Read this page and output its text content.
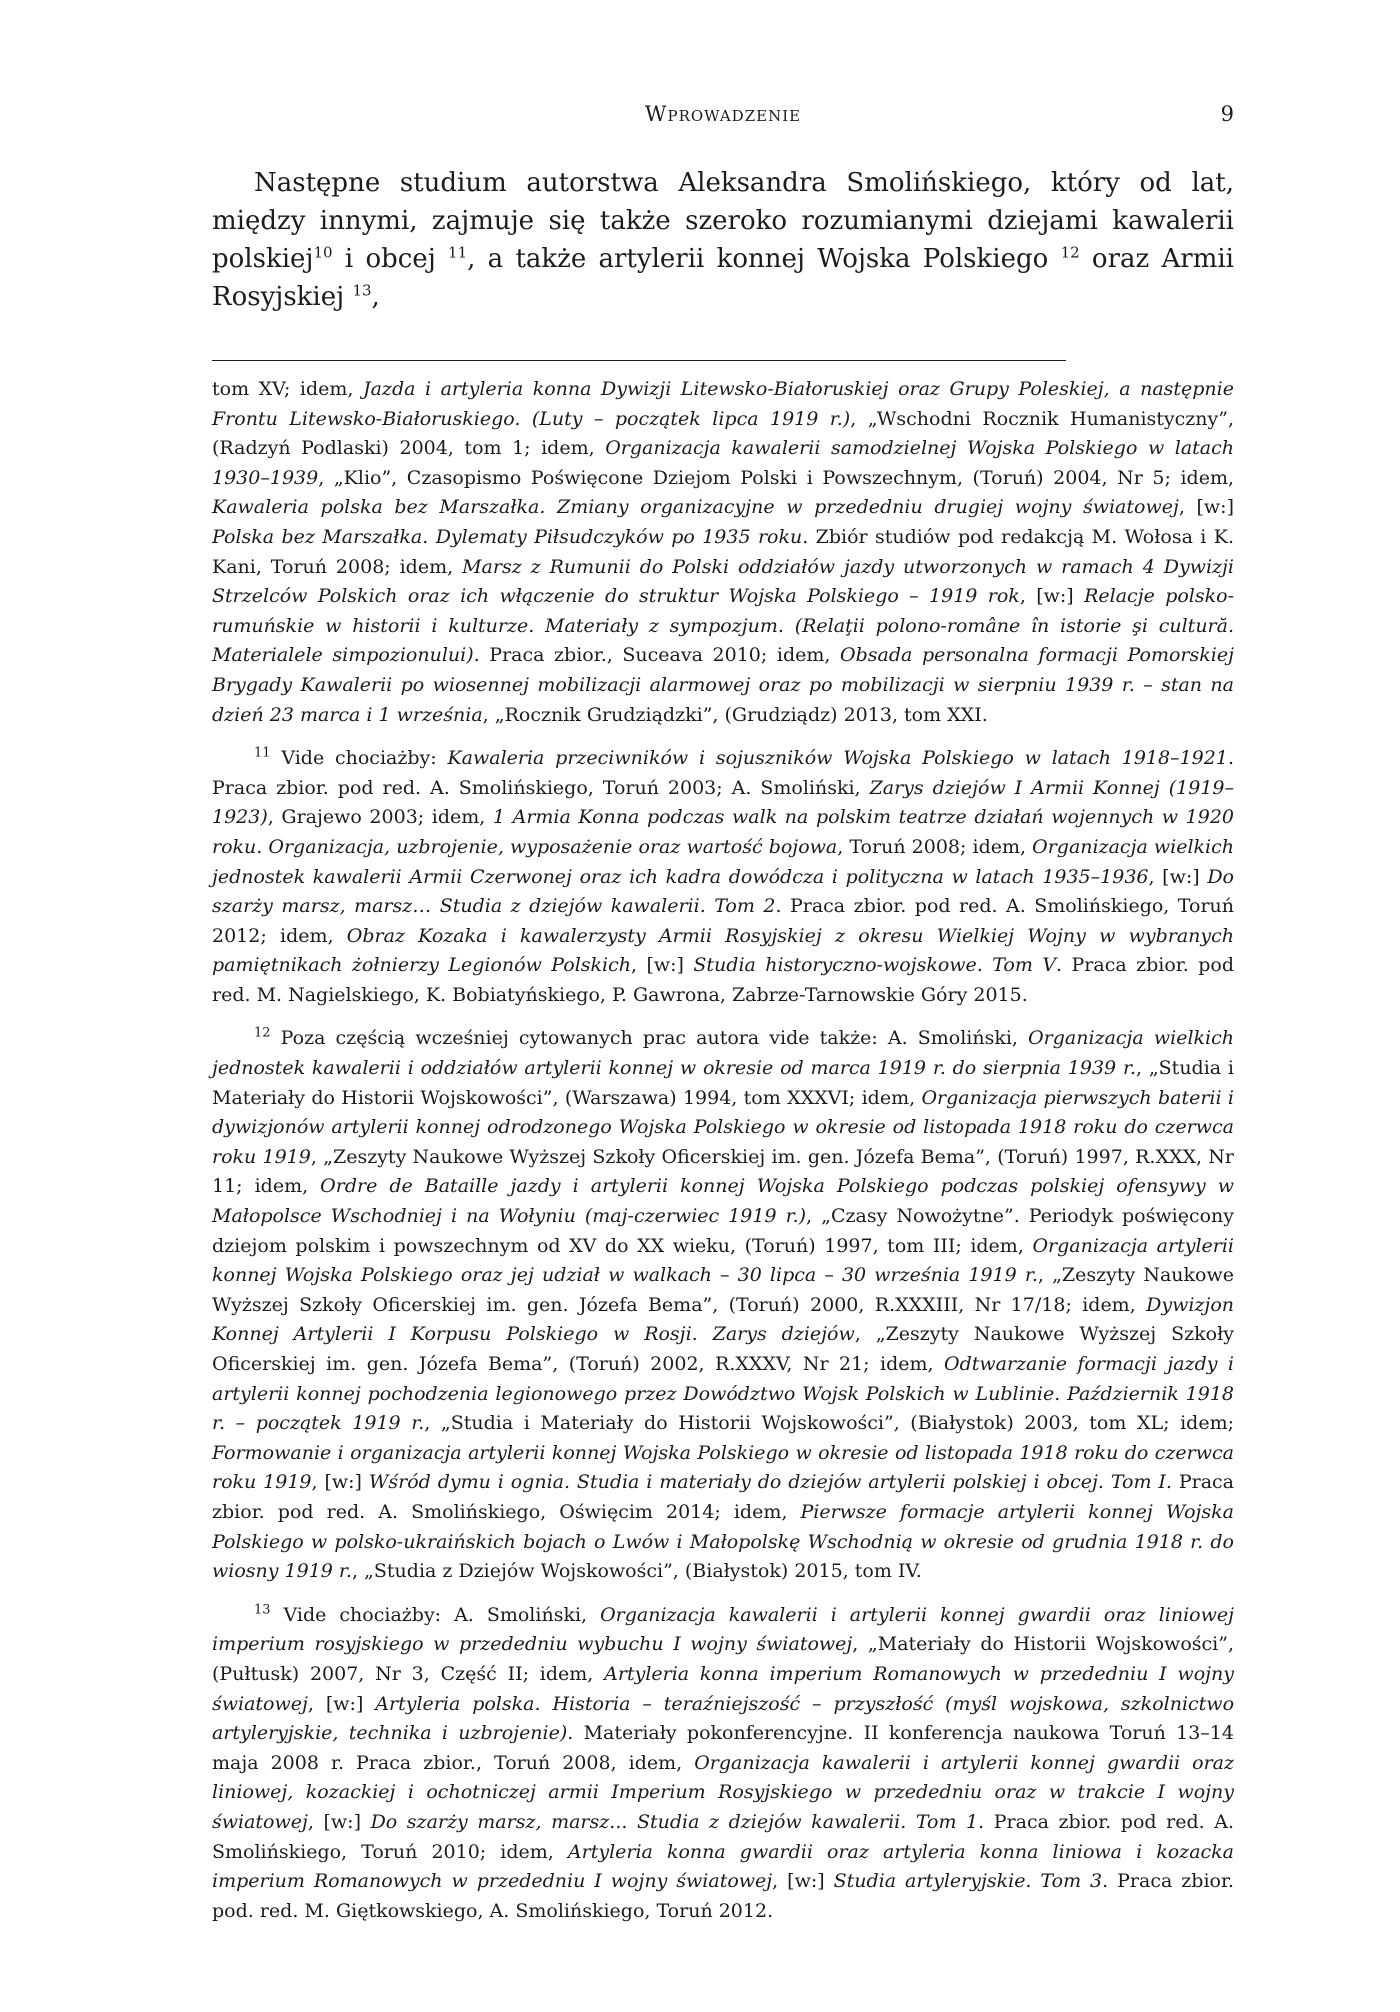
Wprowadzenie	9

Następne studium autorstwa Aleksandra Smolińskiego, który od lat, między innymi, zajmuje się także szeroko rozumianymi dziejami kawalerii polskiej$^{10}$ i obcej $^{11}$, a także artylerii konnej Wojska Polskiego $^{12}$ oraz Armii Rosyjskiej $^{13}$,

tom XV; idem, Jazda i artyleria konna Dywizji Litewsko-Białoruskiej oraz Grupy Poleskiej, a następnie Frontu Litewsko-Białoruskiego. (Luty – początek lipca 1919 r.), „Wschodni Rocznik Humanistyczny”, (Radzyń Podlaski) 2004, tom 1; idem, Organizacja kawalerii samodzielnej Wojska Polskiego w latach 1930–1939, „Klio”, Czasopismo Poświęcone Dziejom Polski i Powszechnym, (Toruń) 2004, Nr 5; idem, Kawaleria polska bez Marszałka. Zmiany organizacyjne w przededniu drugiej wojny światowej, [w:] Polska bez Marszałka. Dylematy Piłsudczyków po 1935 roku. Zbiór studiów pod redakcją M. Wołosa i K. Kani, Toruń 2008; idem, Marsz z Rumunii do Polski oddziałów jazdy utworzonych w ramach 4 Dywizji Strzelców Polskich oraz ich włączenie do struktur Wojska Polskiego – 1919 rok, [w:] Relacje polsko-rumuńskie w historii i kulturze. Materiały z sympozjum. (Relaţii polono-române în istorie şi cultură. Materialele simpozionului). Praca zbior., Suceava 2010; idem, Obsada personalna formacji Pomorskiej Brygady Kawalerii po wiosennej mobilizacji alarmowej oraz po mobilizacji w sierpniu 1939 r. – stan na dzień 23 marca i 1 września, „Rocznik Grudziądzki”, (Grudziądz) 2013, tom XXI.

$^{11}$ Vide chociażby: Kawaleria przeciwników i sojuszników Wojska Polskiego w latach 1918–1921. Praca zbior. pod red. A. Smolińskiego, Toruń 2003; A. Smoliński, Zarys dziejów I Armii Konnej (1919–1923), Grajewo 2003; idem, 1 Armia Konna podczas walk na polskim teatrze działań wojennych w 1920 roku. Organizacja, uzbrojenie, wyposażenie oraz wartość bojowa, Toruń 2008; idem, Organizacja wielkich jednostek kawalerii Armii Czerwonej oraz ich kadra dowódcza i polityczna w latach 1935–1936, [w:] Do szarży marsz, marsz… Studia z dziejów kawalerii. Tom 2. Praca zbior. pod red. A. Smolińskiego, Toruń 2012; idem, Obraz Kozaka i kawalerzysty Armii Rosyjskiej z okresu Wielkiej Wojny w wybranych pamiętnikach żołnierzy Legionów Polskich, [w:] Studia historyczno-wojskowe. Tom V. Praca zbior. pod red. M. Nagielskiego, K. Bobiatyńskiego, P. Gawrona, Zabrze-Tarnowskie Góry 2015.

$^{12}$ Poza częścią wcześniej cytowanych prac autora vide także: A. Smoliński, Organizacja wielkich jednostek kawalerii i oddziałów artylerii konnej w okresie od marca 1919 r. do sierpnia 1939 r., „Studia i Materiały do Historii Wojskowości”, (Warszawa) 1994, tom XXXVI; idem, Organizacja pierwszych baterii i dywizjonów artylerii konnej odrodzonego Wojska Polskiego w okresie od listopada 1918 roku do czerwca roku 1919, „Zeszyty Naukowe Wyższej Szkoły Oficerskiej im. gen. Józefa Bema”, (Toruń) 1997, R.XXX, Nr 11; idem, Ordre de Bataille jazdy i artylerii konnej Wojska Polskiego podczas polskiej ofensywy w Małopolsce Wschodniej i na Wołyniu (maj-czerwiec 1919 r.), „Czasy Nowożytne”. Periodyk poświęcony dziejom polskim i powszechnym od XV do XX wieku, (Toruń) 1997, tom III; idem, Organizacja artylerii konnej Wojska Polskiego oraz jej udział w walkach – 30 lipca – 30 września 1919 r., „Zeszyty Naukowe Wyższej Szkoły Oficerskiej im. gen. Józefa Bema”, (Toruń) 2000, R.XXXIII, Nr 17/18; idem, Dywizjon Konnej Artylerii I Korpusu Polskiego w Rosji. Zarys dziejów, „Zeszyty Naukowe Wyższej Szkoły Oficerskiej im. gen. Józefa Bema”, (Toruń) 2002, R.XXXV, Nr 21; idem, Odtwarzanie formacji jazdy i artylerii konnej pochodzenia legionowego przez Dowództwo Wojsk Polskich w Lublinie. Październik 1918 r. – początek 1919 r., „Studia i Materiały do Historii Wojskowości”, (Białystok) 2003, tom XL; idem; Formowanie i organizacja artylerii konnej Wojska Polskiego w okresie od listopada 1918 roku do czerwca roku 1919, [w:] Wśród dymu i ognia. Studia i materiały do dziejów artylerii polskiej i obcej. Tom I. Praca zbior. pod red. A. Smolińskiego, Oświęcim 2014; idem, Pierwsze formacje artylerii konnej Wojska Polskiego w polsko-ukraińskich bojach o Lwów i Małopolskę Wschodnią w okresie od grudnia 1918 r. do wiosny 1919 r., „Studia z Dziejów Wojskowości”, (Białystok) 2015, tom IV.

$^{13}$ Vide chociażby: A. Smoliński, Organizacja kawalerii i artylerii konnej gwardii oraz liniowej imperium rosyjskiego w przededniu wybuchu I wojny światowej, „Materiały do Historii Wojskowości”, (Pułtusk) 2007, Nr 3, Część II; idem, Artyleria konna imperium Romanowych w przededniu I wojny światowej, [w:] Artyleria polska. Historia – teraźniejszość – przyszłość (myśl wojskowa, szkolnictwo artyleryjskie, technika i uzbrojenie). Materiały pokonferencyjne. II konferencja naukowa Toruń 13–14 maja 2008 r. Praca zbior., Toruń 2008, idem, Organizacja kawalerii i artylerii konnej gwardii oraz liniowej, kozackiej i ochotniczej armii Imperium Rosyjskiego w przededniu oraz w trakcie I wojny światowej, [w:] Do szarży marsz, marsz... Studia z dziejów kawalerii. Tom 1. Praca zbior. pod red. A. Smolińskiego, Toruń 2010; idem, Artyleria konna gwardii oraz artyleria konna liniowa i kozacka imperium Romanowych w przededniu I wojny światowej, [w:] Studia artyleryjskie. Tom 3. Praca zbior. pod. red. M. Giętkowskiego, A. Smolińskiego, Toruń 2012.
